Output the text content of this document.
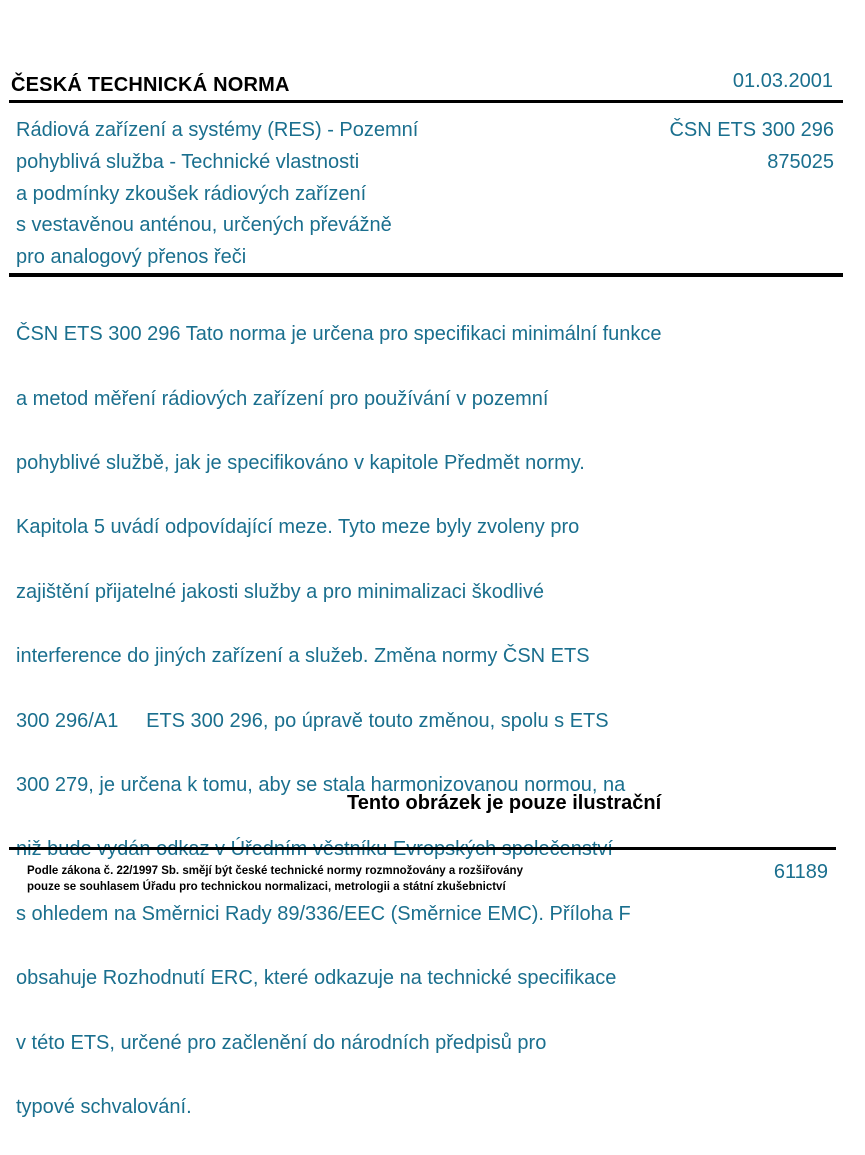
ČESKÁ TECHNICKÁ NORMA	01.03.2001
Rádiová zařízení a systémy (RES) - Pozemní
pohyblivá služba - Technické vlastnosti
a podmínky zkoušek rádiových zařízení
s vestavěnou anténou, určených převážně
pro analogový přenos řeči
ČSN ETS 300 296
875025

ČSN ETS 300 296 Tato norma je určena pro specifikaci minimální funkce

a metod měření rádiových zařízení pro používání v pozemní

pohyblivé službě, jak je specifikováno v kapitole Předmět normy.

Kapitola 5 uvádí odpovídající meze. Tyto meze byly zvoleny pro

zajištění přijatelné jakosti služby a pro minimalizaci škodlivé

interference do jiných zařízení a služeb. Změna normy ČSN ETS

300 296/A1     ETS 300 296, po úpravě touto změnou, spolu s ETS

300 279, je určena k tomu, aby se stala harmonizovanou normou, na

s ohledem na Směrnici Rady 89/336/EEC (Směrnice EMC). Příloha F

obsahuje Rozhodnutí ERC, které odkazuje na technické specifikace

v této ETS, určené pro začlenění do národních předpisů pro

typové schvalování.

Tento obrázek je pouze ilustrační
Podle zákona č. 22/1997 Sb. smějí být české technické normy rozmnožovány a rozšiřovány
pouze se souhlasem Úřadu pro technickou normalizaci, metrologii a státní zkušebnictví
61189
